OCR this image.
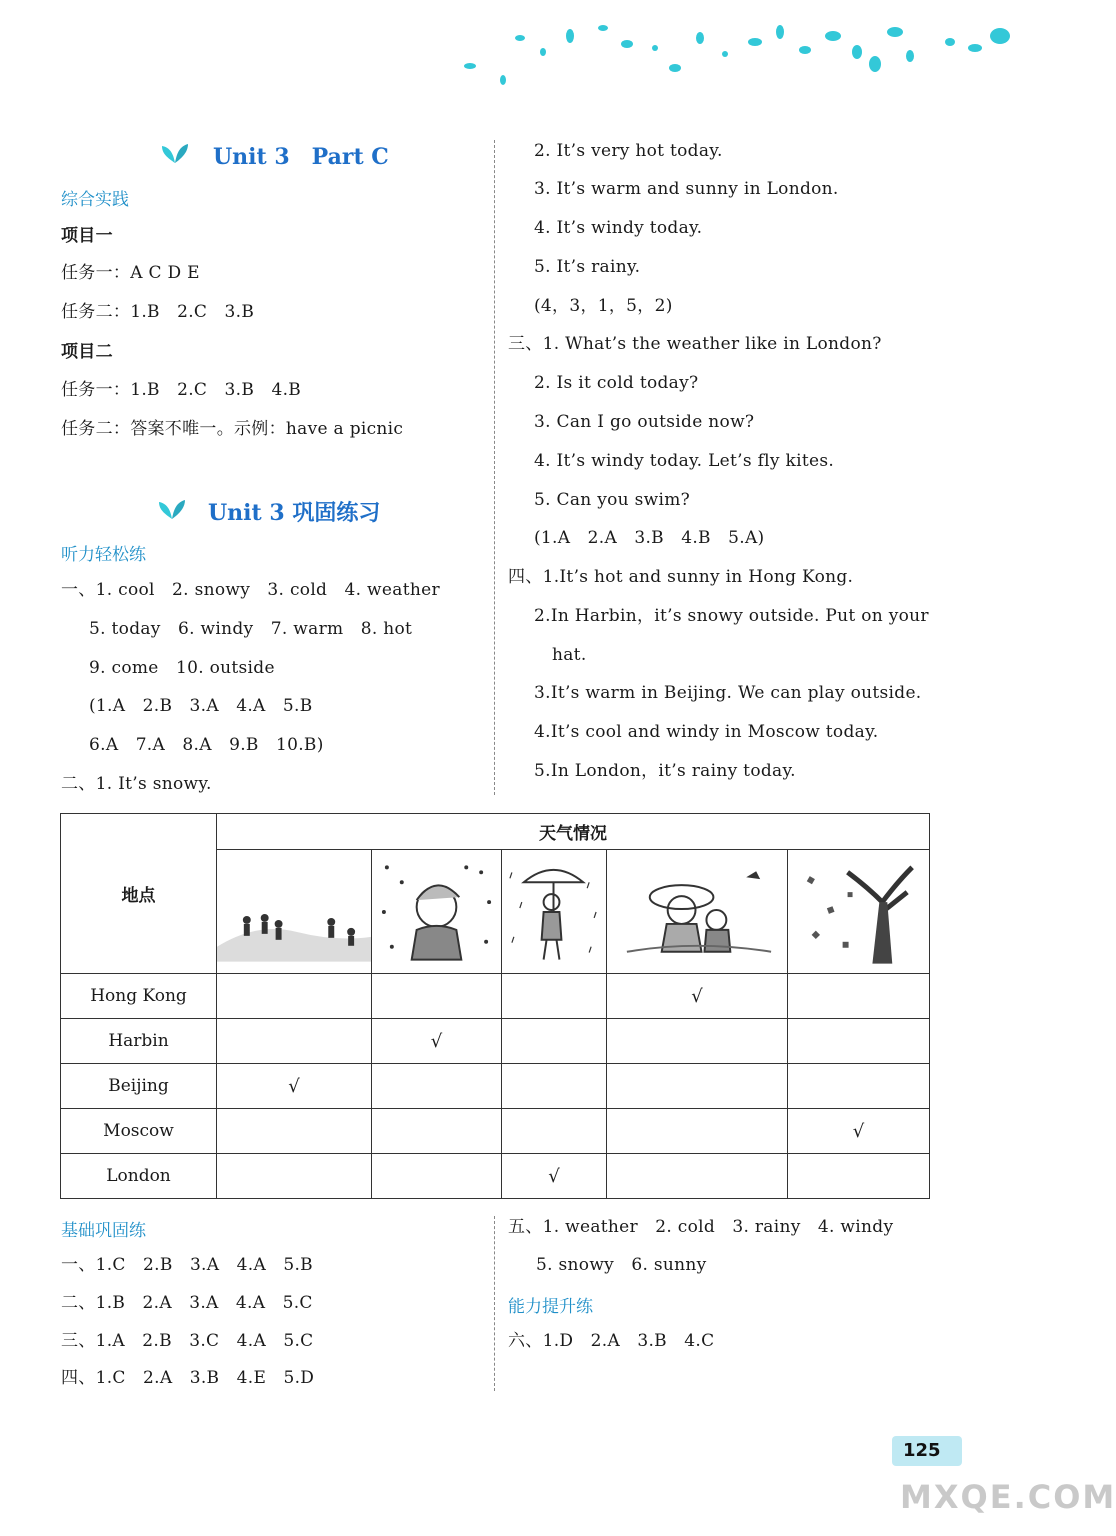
Unit 3　Part C
综合实践
项目一
任务一：A C D E
任务二：1.B　2.C　3.B
项目二
任务一：1.B　2.C　3.B　4.B
任务二：答案不唯一。示例：have a picnic
Unit 3 巩固练习
听力轻松练
一、1. cool　2. snowy　3. cold　4. weather
5. today　6. windy　7. warm　8. hot
9. come　10. outside
(1.A　2.B　3.A　4.A　5.B
6.A　7.A　8.A　9.B　10.B)
二、1. It’s snowy.
2. It’s very hot today.
3. It’s warm and sunny in London.
4. It’s windy today.
5. It’s rainy.
(4，3，1，5，2)
三、1. What’s the weather like in London?
2. Is it cold today?
3. Can I go outside now?
4. It’s windy today. Let’s fly kites.
5. Can you swim?
(1.A　2.A　3.B　4.B　5.A)
四、1.It’s hot and sunny in Hong Kong.
2.In Harbin，it’s snowy outside. Put on your
hat.
3.It’s warm in Beijing. We can play outside.
4.It’s cool and windy in Moscow today.
5.In London，it’s rainy today.
地点	天气情况				

Hong Kong				√	
Harbin		√			
Beijing	√				
Moscow					√
London			√		
基础巩固练
一、1.C　2.B　3.A　4.A　5.B
二、1.B　2.A　3.A　4.A　5.C
三、1.A　2.B　3.C　4.A　5.C
四、1.C　2.A　3.B　4.E　5.D
五、1. weather　2. cold　3. rainy　4. windy
5. snowy　6. sunny
能力提升练
六、1.D　2.A　3.B　4.C
125
MXQE.COM
